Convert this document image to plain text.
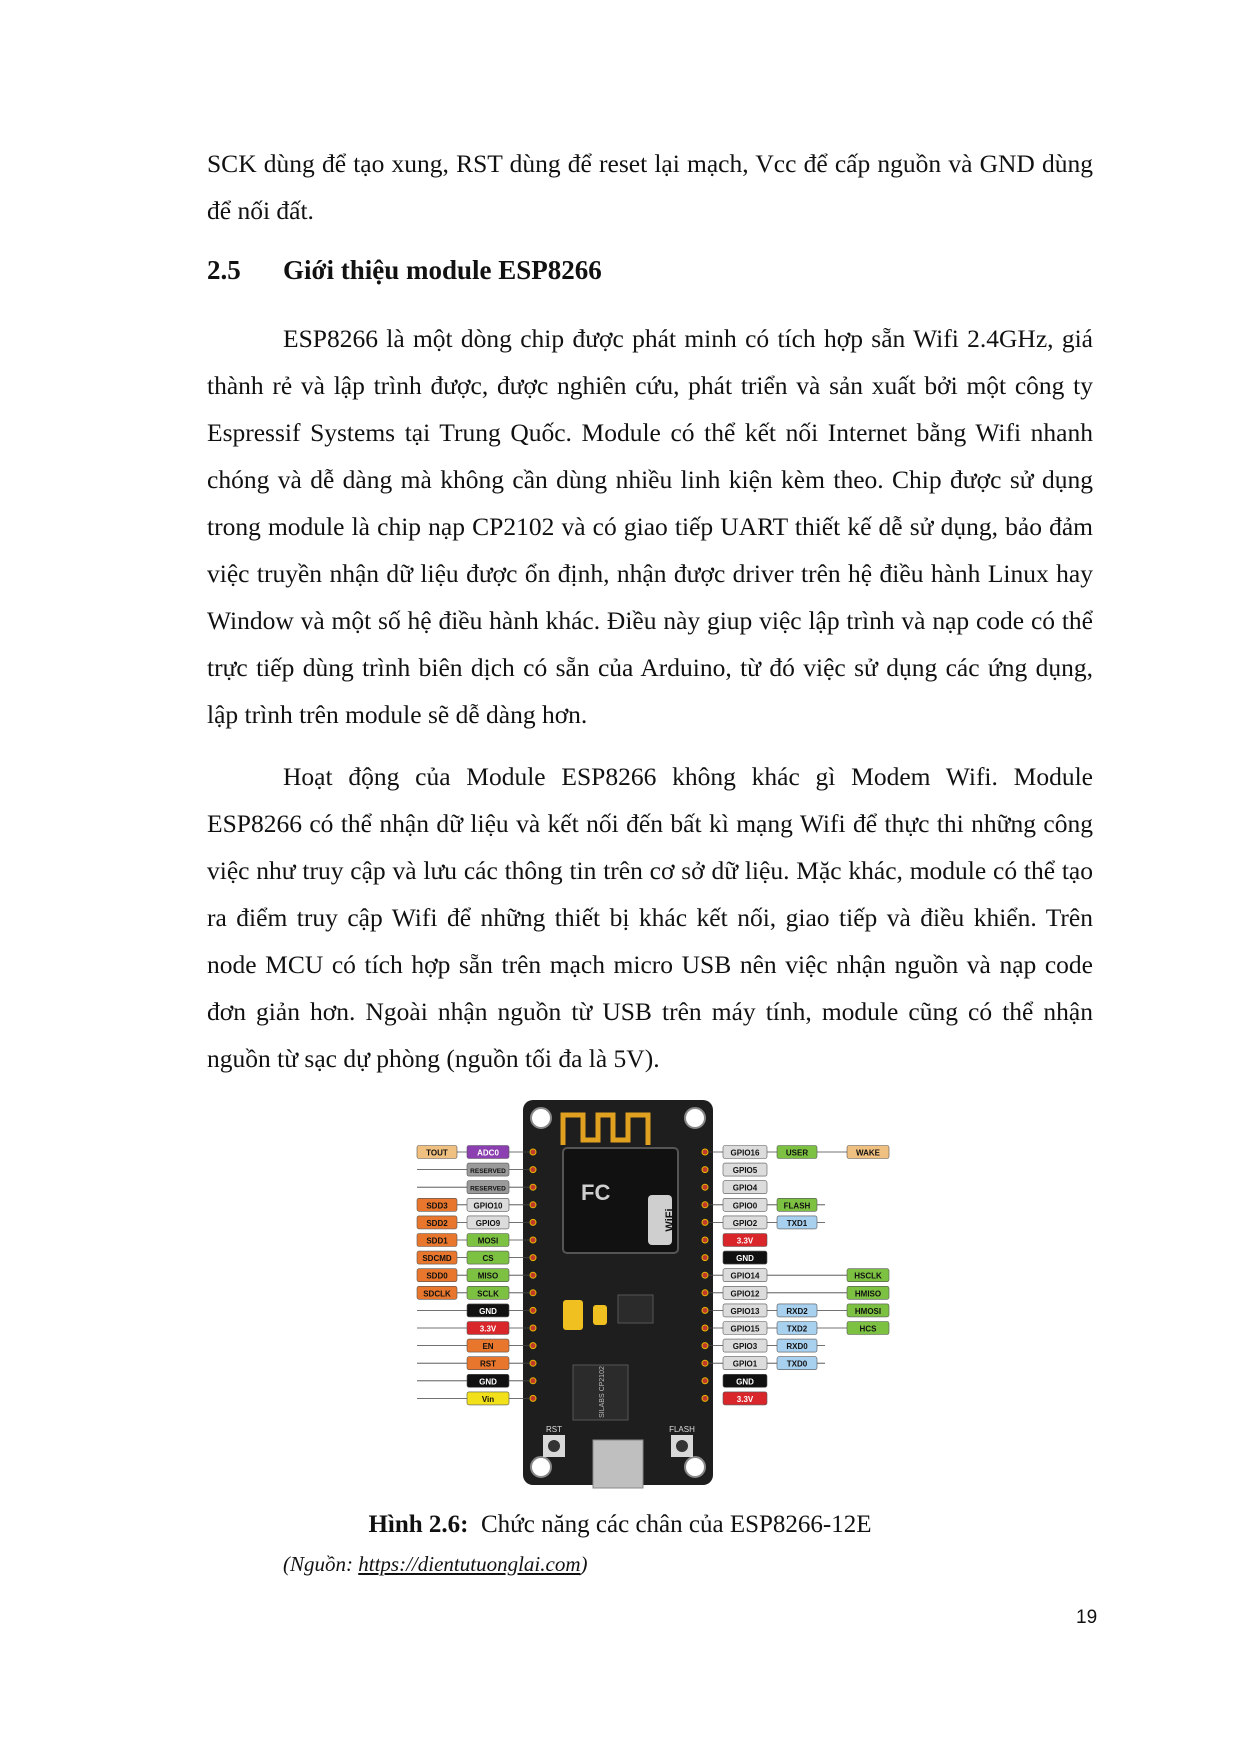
SCK dùng để tạo xung, RST dùng để reset lại mạch, Vcc để cấp nguồn và GND dùng để nối đất.
2.5 Giới thiệu module ESP8266
ESP8266 là một dòng chip được phát minh có tích hợp sẵn Wifi 2.4GHz, giá thành rẻ và lập trình được, được nghiên cứu, phát triển và sản xuất bởi một công ty Espressif Systems tại Trung Quốc. Module có thể kết nối Internet bằng Wifi nhanh chóng và dễ dàng mà không cần dùng nhiều linh kiện kèm theo. Chip được sử dụng trong module là chip nạp CP2102 và có giao tiếp UART thiết kế dễ sử dụng, bảo đảm việc truyền nhận dữ liệu được ổn định, nhận được driver trên hệ điều hành Linux hay Window và một số hệ điều hành khác. Điều này giup việc lập trình và nạp code có thể trực tiếp dùng trình biên dịch có sẵn của Arduino, từ đó việc sử dụng các ứng dụng, lập trình trên module sẽ dễ dàng hơn.
Hoạt động của Module ESP8266 không khác gì Modem Wifi. Module ESP8266 có thể nhận dữ liệu và kết nối đến bất kì mạng Wifi để thực thi những công việc như truy cập và lưu các thông tin trên cơ sở dữ liệu. Mặc khác, module có thể tạo ra điểm truy cập Wifi để những thiết bị khác kết nối, giao tiếp và điều khiển. Trên node MCU có tích hợp sẵn trên mạch micro USB nên việc nhận nguồn và nạp code đơn giản hơn. Ngoài nhận nguồn từ USB trên máy tính, module cũng có thể nhận nguồn từ sạc dự phòng (nguồn tối đa là 5V).
FC
WiFi
SILABS CP2102
RST	FLASH
TOUT	ADC0
RESERVED
RESERVED
SDD3	GPIO10
SDD2	GPIO9
SDD1	MOSI
SDCMD	CS
SDD0	MISO
SDCLK	SCLK
GND
3.3V
EN
RST
GND
Vin
GPIO16	USER	WAKE
GPIO5
GPIO4
GPIO0	FLASH
GPIO2	TXD1
3.3V
GND
GPIO14	HSCLK
GPIO12	HMISO
GPIO13	RXD2	HMOSI
GPIO15	TXD2	HCS
GPIO3	RXD0
GPIO1	TXD0
GND
3.3V
Hình 2.6: Chức năng các chân của ESP8266-12E
(Nguồn: https://dientutuonglai.com)
19
